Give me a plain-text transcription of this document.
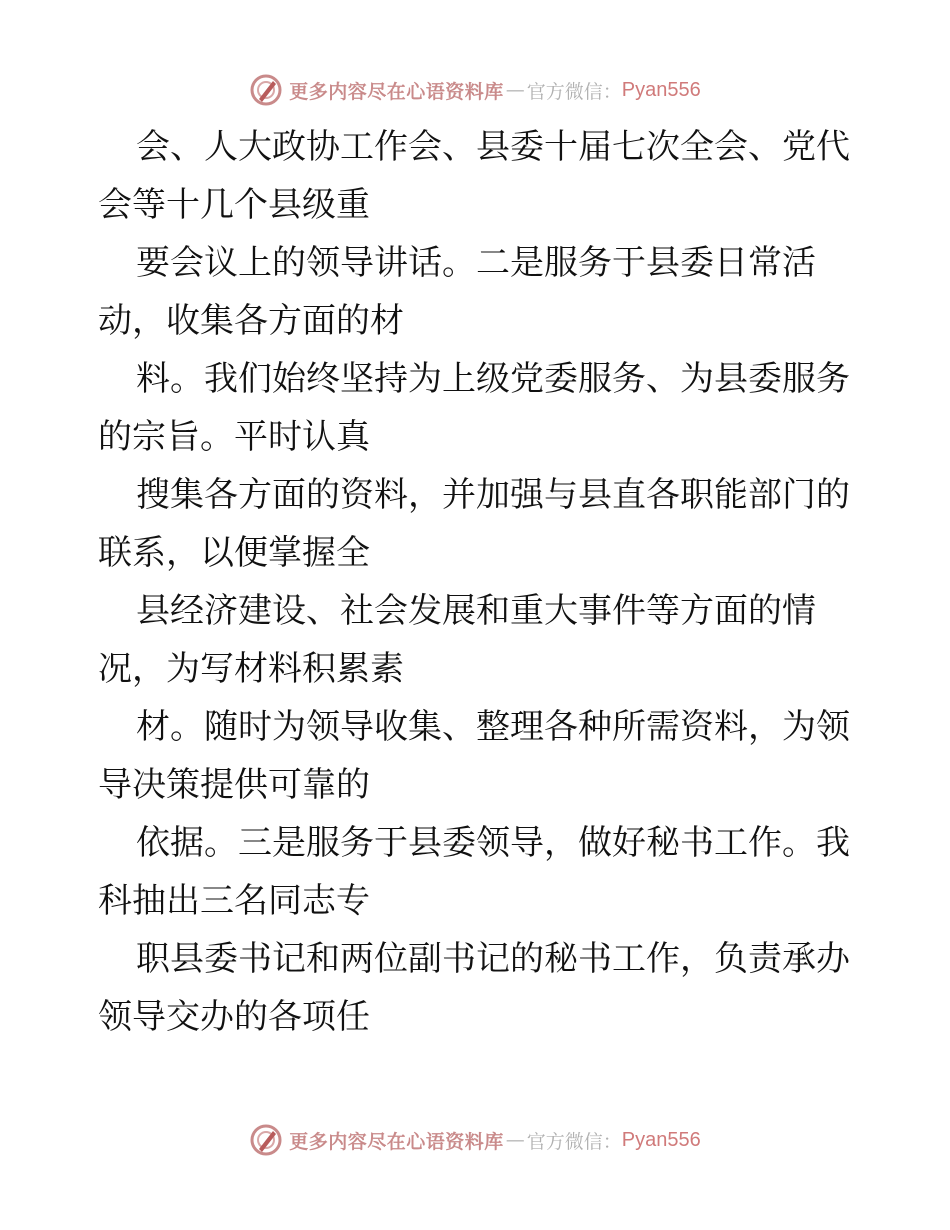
更多内容尽在心语资料库 — 官方微信： Pyan556

会、人大政协工作会、县委十届七次全会、党代
会等十几个县级重

要会议上的领导讲话。二是服务于县委日常活
动，收集各方面的材

料。我们始终坚持为上级党委服务、为县委服务
的宗旨。平时认真

搜集各方面的资料，并加强与县直各职能部门的
联系，以便掌握全

县经济建设、社会发展和重大事件等方面的情
况，为写材料积累素

材。随时为领导收集、整理各种所需资料，为领
导决策提供可靠的

依据。三是服务于县委领导，做好秘书工作。我
科抽出三名同志专

职县委书记和两位副书记的秘书工作，负责承办
领导交办的各项任

更多内容尽在心语资料库 — 官方微信： Pyan556
